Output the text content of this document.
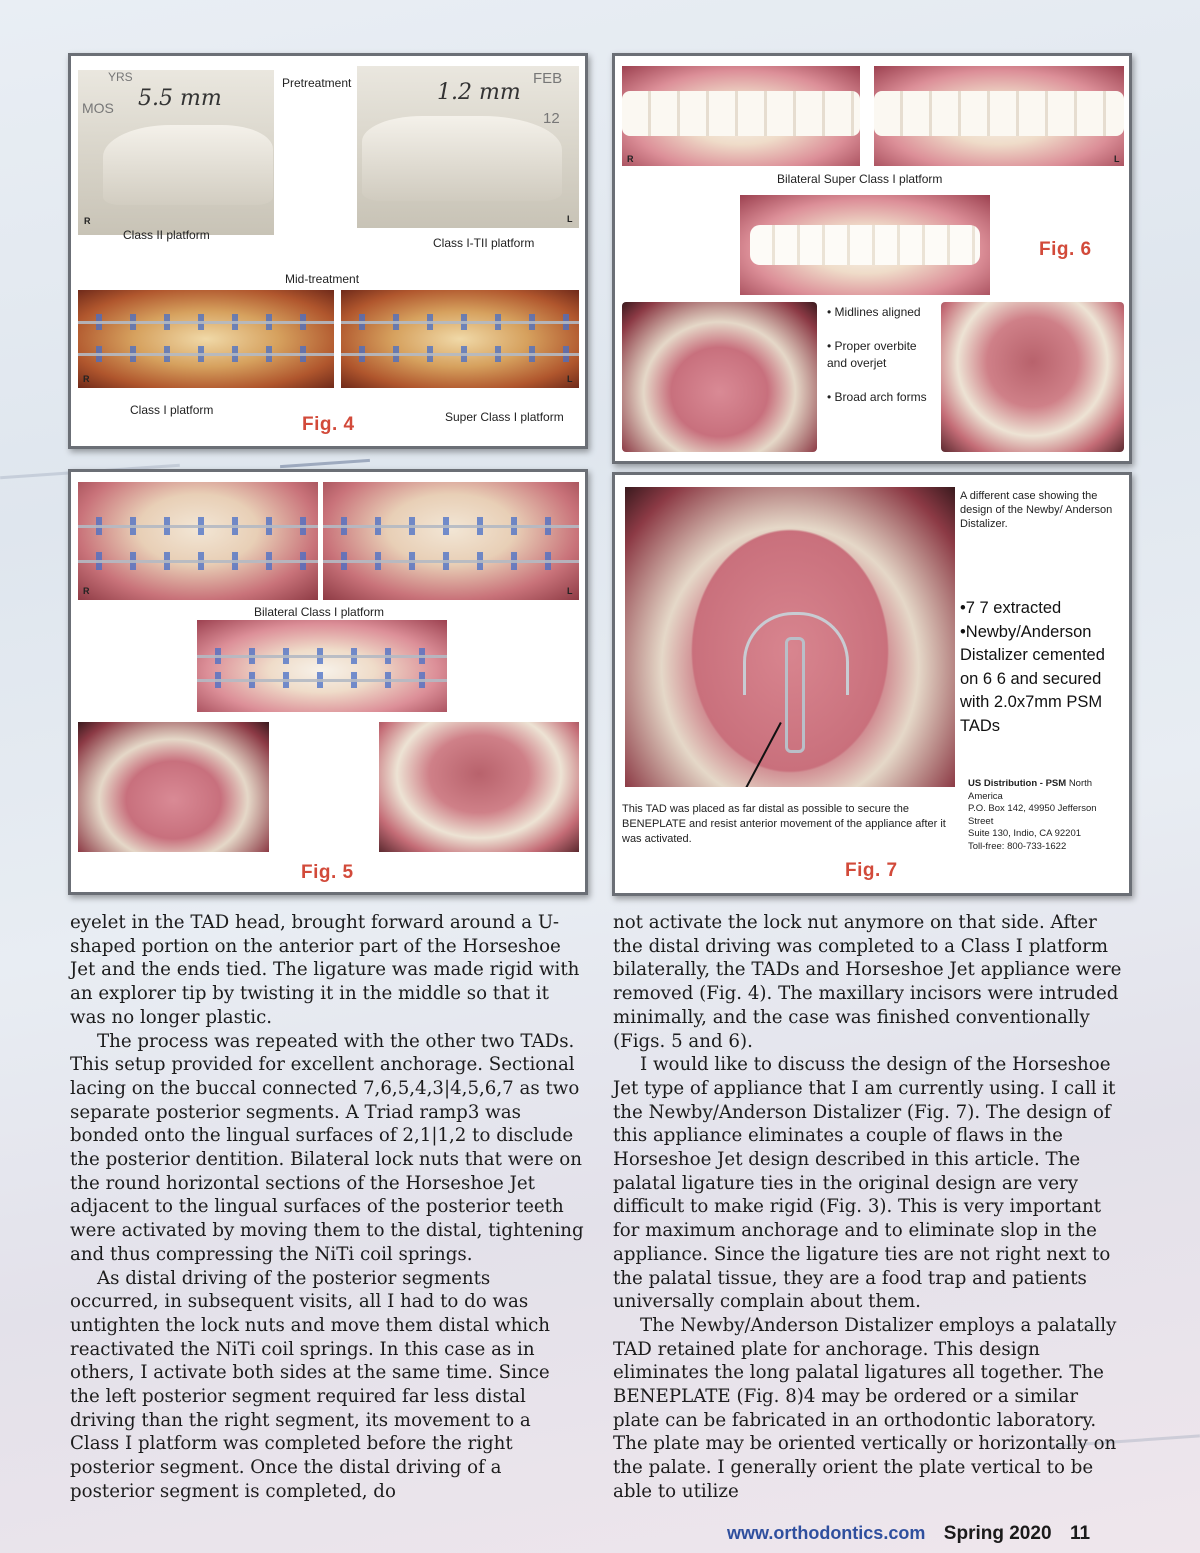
5.5 mm
MOS
YRS
R
Pretreatment	1.2 mm
FEB
12
L
Class II platform
Class I-TII platform
Mid-treatment
R	L
Class I platform	Super Class I platform
Fig. 4
R	L
Bilateral Super Class I platform
Fig. 6
• Midlines aligned
• Proper overbite and overjet
• Broad arch forms
R	L
Bilateral Class I platform
Fig. 5
A different case showing the design of the Newby/ Anderson Distalizer.
•7 7 extracted
•Newby/Anderson Distalizer cemented on 6 6 and secured with 2.0x7mm PSM TADs
This TAD was placed as far distal as possible to secure the BENEPLATE and resist anterior movement of the appliance after it was activated.
US Distribution - PSM North America
P.O. Box 142, 49950 Jefferson Street
Suite 130, Indio, CA 92201
Toll-free: 800-733-1622
Fig. 7

eyelet in the TAD head, brought forward around a U-shaped portion on the anterior part of the Horseshoe Jet and the ends tied. The ligature was made rigid with an explorer tip by twisting it in the middle so that it was no longer plastic.

The process was repeated with the other two TADs. This setup provided for excellent anchorage. Sectional lacing on the buccal connected 7,6,5,4,3|4,5,6,7 as two separate posterior segments. A Triad ramp3 was bonded onto the lingual surfaces of 2,1|1,2 to disclude the posterior dentition. Bilateral lock nuts that were on the round horizontal sections of the Horseshoe Jet adjacent to the lingual surfaces of the posterior teeth were activated by moving them to the distal, tightening and thus compressing the NiTi coil springs.

As distal driving of the posterior segments occurred, in subsequent visits, all I had to do was untighten the lock nuts and move them distal which reactivated the NiTi coil springs. In this case as in others, I activate both sides at the same time. Since the left posterior segment required far less distal driving than the right segment, its movement to a Class I platform was completed before the right posterior segment. Once the distal driving of a posterior segment is completed, do

not activate the lock nut anymore on that side. After the distal driving was completed to a Class I platform bilaterally, the TADs and Horseshoe Jet appliance were removed (Fig. 4). The maxillary incisors were intruded minimally, and the case was finished conventionally (Figs. 5 and 6).

I would like to discuss the design of the Horseshoe Jet type of appliance that I am currently using. I call it the Newby/Anderson Distalizer (Fig. 7). The design of this appliance eliminates a couple of flaws in the Horseshoe Jet design described in this article. The palatal ligature ties in the original design are very difficult to make rigid (Fig. 3). This is very important for maximum anchorage and to eliminate slop in the appliance. Since the ligature ties are not right next to the palatal tissue, they are a food trap and patients universally complain about them.

The Newby/Anderson Distalizer employs a palatally TAD retained plate for anchorage. This design eliminates the long palatal ligatures all together. The BENEPLATE (Fig. 8)4 may be ordered or a similar plate can be fabricated in an orthodontic laboratory. The plate may be oriented vertically or horizontally on the palate. I generally orient the plate vertical to be able to utilize

www.orthodontics.com Spring 2020 11
